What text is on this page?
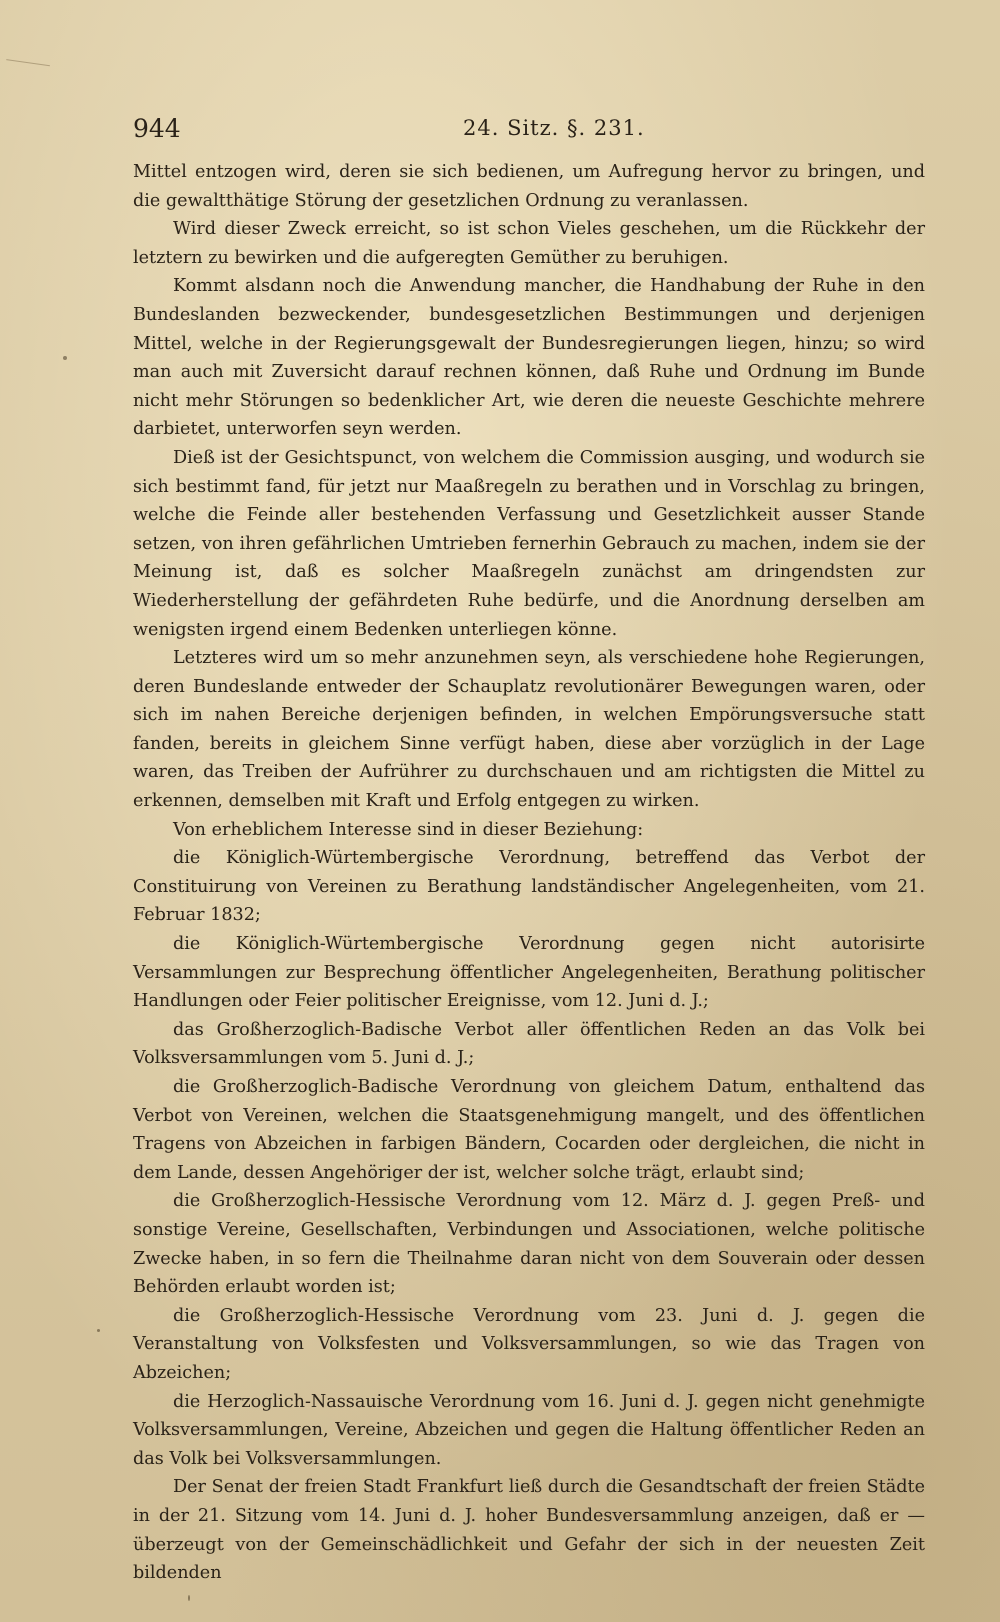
944	24. Sitz. §. 231.

Mittel entzogen wird, deren sie sich bedienen, um Aufregung hervor zu bringen, und die gewaltthätige Störung der gesetzlichen Ordnung zu veranlassen.

Wird dieser Zweck erreicht, so ist schon Vieles geschehen, um die Rückkehr der letztern zu bewirken und die aufgeregten Gemüther zu beruhigen.

Kommt alsdann noch die Anwendung mancher, die Handhabung der Ruhe in den Bundeslanden bezweckender, bundesgesetzlichen Bestimmungen und derjenigen Mittel, welche in der Regierungsgewalt der Bundesregierungen liegen, hinzu; so wird man auch mit Zuversicht darauf rechnen können, daß Ruhe und Ordnung im Bunde nicht mehr Störungen so bedenklicher Art, wie deren die neueste Geschichte mehrere darbietet, unterworfen seyn werden.

Dieß ist der Gesichtspunct, von welchem die Commission ausging, und wodurch sie sich bestimmt fand, für jetzt nur Maaßregeln zu berathen und in Vorschlag zu bringen, welche die Feinde aller bestehenden Verfassung und Gesetzlichkeit ausser Stande setzen, von ihren gefährlichen Umtrieben fernerhin Gebrauch zu machen, indem sie der Meinung ist, daß es solcher Maaßregeln zunächst am dringendsten zur Wiederherstellung der gefährdeten Ruhe bedürfe, und die Anordnung derselben am wenigsten irgend einem Bedenken unterliegen könne.

Letzteres wird um so mehr anzunehmen seyn, als verschiedene hohe Regierungen, deren Bundeslande entweder der Schauplatz revolutionärer Bewegungen waren, oder sich im nahen Bereiche derjenigen befinden, in welchen Empörungsversuche statt fanden, bereits in gleichem Sinne verfügt haben, diese aber vorzüglich in der Lage waren, das Treiben der Aufrührer zu durchschauen und am richtigsten die Mittel zu erkennen, demselben mit Kraft und Erfolg entgegen zu wirken.

Von erheblichem Interesse sind in dieser Beziehung:

die Königlich-Würtembergische Verordnung, betreffend das Verbot der Constituirung von Vereinen zu Berathung landständischer Angelegenheiten, vom 21. Februar 1832;

die Königlich-Würtembergische Verordnung gegen nicht autorisirte Versammlungen zur Besprechung öffentlicher Angelegenheiten, Berathung politischer Handlungen oder Feier politischer Ereignisse, vom 12. Juni d. J.;

das Großherzoglich-Badische Verbot aller öffentlichen Reden an das Volk bei Volksversammlungen vom 5. Juni d. J.;

die Großherzoglich-Badische Verordnung von gleichem Datum, enthaltend das Verbot von Vereinen, welchen die Staatsgenehmigung mangelt, und des öffentlichen Tragens von Abzeichen in farbigen Bändern, Cocarden oder dergleichen, die nicht in dem Lande, dessen Angehöriger der ist, welcher solche trägt, erlaubt sind;

die Großherzoglich-Hessische Verordnung vom 12. März d. J. gegen Preß- und sonstige Vereine, Gesellschaften, Verbindungen und Associationen, welche politische Zwecke haben, in so fern die Theilnahme daran nicht von dem Souverain oder dessen Behörden erlaubt worden ist;

die Großherzoglich-Hessische Verordnung vom 23. Juni d. J. gegen die Veranstaltung von Volksfesten und Volksversammlungen, so wie das Tragen von Abzeichen;

die Herzoglich-Nassauische Verordnung vom 16. Juni d. J. gegen nicht genehmigte Volksversammlungen, Vereine, Abzeichen und gegen die Haltung öffentlicher Reden an das Volk bei Volksversammlungen.

Der Senat der freien Stadt Frankfurt ließ durch die Gesandtschaft der freien Städte in der 21. Sitzung vom 14. Juni d. J. hoher Bundesversammlung anzeigen, daß er — überzeugt von der Gemeinschädlichkeit und Gefahr der sich in der neuesten Zeit bildenden
